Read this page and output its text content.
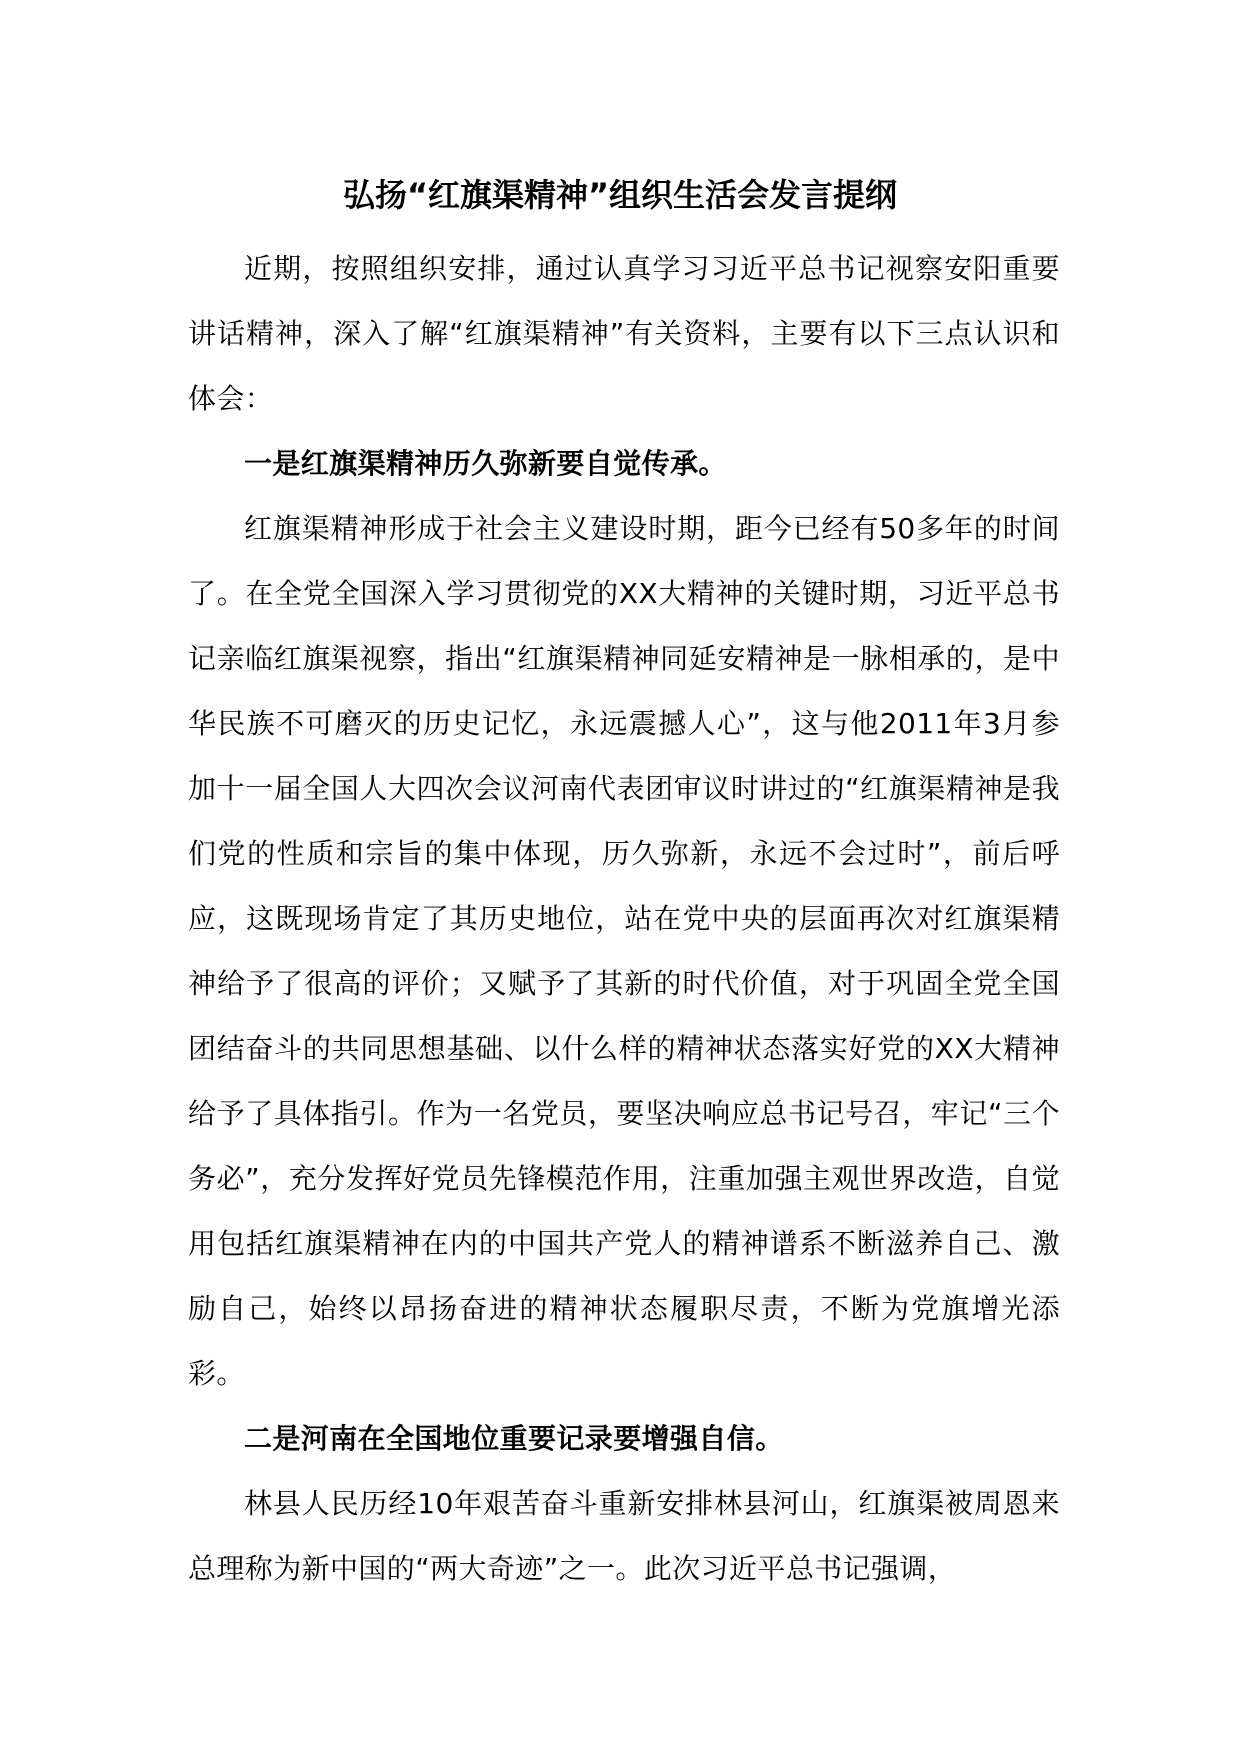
弘扬“红旗渠精神”组织生活会发言提纲

近期，按照组织安排，通过认真学习习近平总书记视察安阳重要讲话精神，深入了解“红旗渠精神”有关资料，主要有以下三点认识和体会：

一是红旗渠精神历久弥新要自觉传承。

红旗渠精神形成于社会主义建设时期，距今已经有50多年的时间了。在全党全国深入学习贯彻党的XX大精神的关键时期，习近平总书记亲临红旗渠视察，指出“红旗渠精神同延安精神是一脉相承的，是中华民族不可磨灭的历史记忆，永远震撼人心”，这与他2011年3月参加十一届全国人大四次会议河南代表团审议时讲过的“红旗渠精神是我们党的性质和宗旨的集中体现，历久弥新，永远不会过时”，前后呼应，这既现场肯定了其历史地位，站在党中央的层面再次对红旗渠精神给予了很高的评价；又赋予了其新的时代价值，对于巩固全党全国团结奋斗的共同思想基础、以什么样的精神状态落实好党的XX大精神给予了具体指引。作为一名党员，要坚决响应总书记号召，牢记“三个务必”，充分发挥好党员先锋模范作用，注重加强主观世界改造，自觉用包括红旗渠精神在内的中国共产党人的精神谱系不断滋养自己、激励自己，始终以昂扬奋进的精神状态履职尽责，不断为党旗增光添彩。

二是河南在全国地位重要记录要增强自信。

林县人民历经10年艰苦奋斗重新安排林县河山，红旗渠被周恩来总理称为新中国的“两大奇迹”之一。此次习近平总书记强调，
